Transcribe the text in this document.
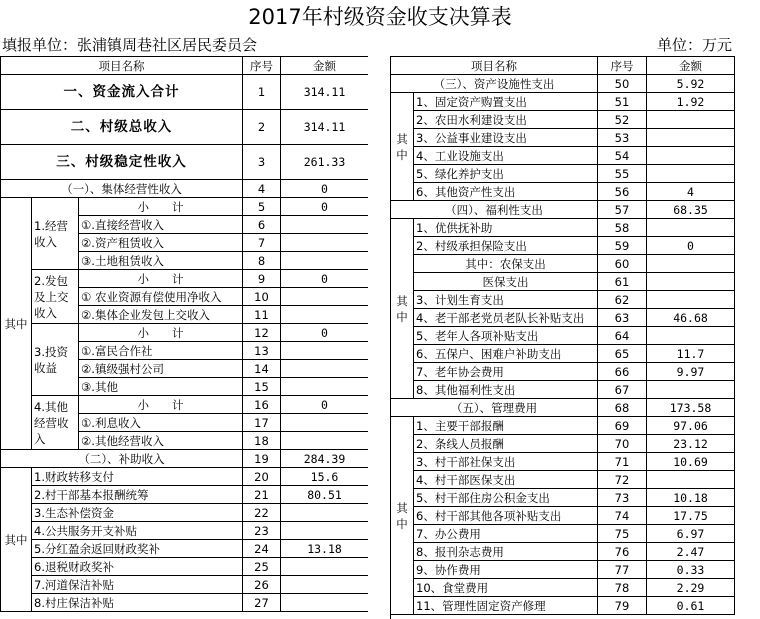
2017年村级资金收支决算表
填报单位：张浦镇周巷社区居民委员会	单位：万元
项目名称			序号	金额
一、资金流入合计			1	314.11
二、村级总收入			2	314.11
三、村级稳定性收入			3	261.33
（一）、集体经营性收入			4	0
其中	1.经营收入	小　　计	5	0
		①.直接经营收入	6	
		②.资产租赁收入	7	
		③.土地租赁收入	8	
	2.发包及上交收入	小　　计	9	0
		① 农业资源有偿使用净收入	10	
		②.集体企业发包上交收入	11	
	3.投资收益	小　　计	12	0
		①.富民合作社	13	
		②.镇级强村公司	14	
		③.其他	15	
	4.其他经营收入	小　　计	16	0
		①.利息收入	17	
		②.其他经营收入	18	
（二）、补助收入			19	284.39
其中	1.财政转移支付		20	15.6
	2.村干部基本报酬统筹		21	80.51
	3.生态补偿资金		22	
	4.公共服务开支补贴		23	
	5.分红盈余返回财政奖补		24	13.18
	6.退税财政奖补		25	
	7.河道保洁补贴		26	
	8.村庄保洁补贴		27	
项目名称		序号	金额
（三）、资产设施性支出		50	5.92
其中	1、固定资产购置支出	51	1.92
	2、农田水利建设支出	52	
	3、公益事业建设支出	53	
	4、工业设施支出	54	
	5、绿化养护支出	55	
	6、其他资产性支出	56	4
（四）、福利性支出		57	68.35
其中	1、优供抚补助	58	
	2、村级承担保险支出	59	0
	其中：农保支出	60	
	医保支出	61	
	3、计划生育支出	62	
	4、老干部老党员老队长补贴支出	63	46.68
	5、老年人各项补贴支出	64	
	6、五保户、困难户补助支出	65	11.7
	7、老年协会费用	66	9.97
	8、其他福利性支出	67	
（五）、管理费用		68	173.58
其中	1、主要干部报酬	69	97.06
	2、条线人员报酬	70	23.12
	3、村干部社保支出	71	10.69
	4、村干部医保支出	72	
	5、村干部住房公积金支出	73	10.18
	6、村干部其他各项补贴支出	74	17.75
	7、办公费用	75	6.97
	8、报刊杂志费用	76	2.47
	9、协作费用	77	0.33
	10、食堂费用	78	2.29
	11、管理性固定资产修理	79	0.61
